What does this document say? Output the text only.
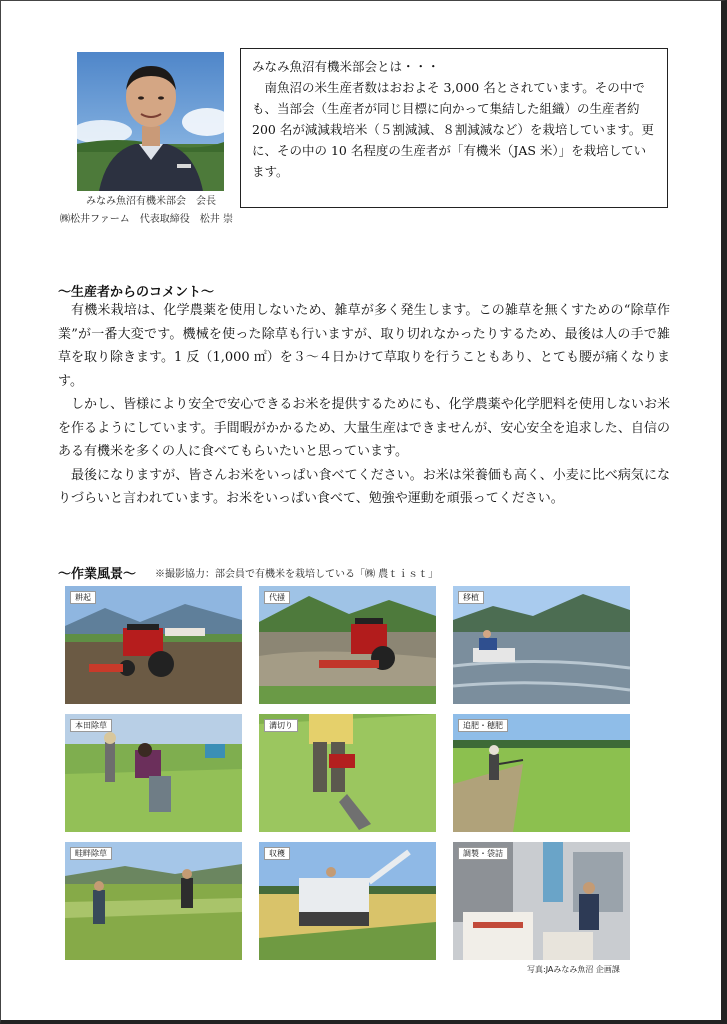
みなみ魚沼有機米部会　会長
㈱松井ファーム　代表取締役　松井 崇
みなみ魚沼有機米部会とは・・・
南魚沼の米生産者数はおおよそ 3,000 名とされています。その中でも、当部会（生産者が同じ目標に向かって集結した組織）の生産者約 200 名が減減栽培米（５割減減、８割減減など）を栽培しています。更に、その中の 10 名程度の生産者が「有機米（JAS 米）」を栽培しています。
～生産者からのコメント～

有機米栽培は、化学農薬を使用しないため、雑草が多く発生します。この雑草を無くすための“除草作業”が一番大変です。機械を使った除草も行いますが、取り切れなかったりするため、最後は人の手で雑草を取り除きます。1 反（1,000 ㎡）を３～４日かけて草取りを行うこともあり、とても腰が痛くなります。

しかし、皆様により安全で安心できるお米を提供するためにも、化学農薬や化学肥料を使用しないお米を作るようにしています。手間暇がかかるため、大量生産はできませんが、安心安全を追求した、自信のある有機米を多くの人に食べてもらいたいと思っています。

最後になりますが、皆さんお米をいっぱい食べてください。お米は栄養価も高く、小麦に比べ病気になりづらいと言われています。お米をいっぱい食べて、勉強や運動を頑張ってください。

～作業風景～ ※撮影協力：部会員で有機米を栽培している「㈱ 農ｔｉｓｔ」
耕起	代掻	移植
本田除草	溝切り	追肥・穂肥
畦畔除草	収穫	調製・袋詰
写真:JAみなみ魚沼 企画課
